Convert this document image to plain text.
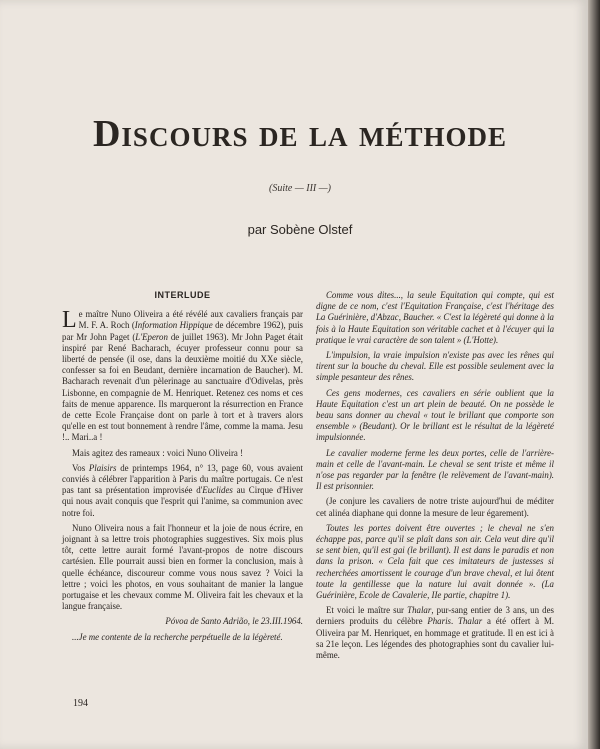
Discours de la méthode
(Suite — III —)
par Sobène Olstef
INTERLUDE

Le maître Nuno Oliveira a été révélé aux cavaliers français par M. F. A. Roch (Information Hippique de décembre 1962), puis par Mr John Paget (L'Eperon de juillet 1963). Mr John Paget était inspiré par René Bacharach, écuyer professeur connu pour sa liberté de pensée (il ose, dans la deuxième moitié du XXe siècle, confesser sa foi en Beudant, dernière incarnation de Baucher). M. Bacharach revenait d'un pèlerinage au sanctuaire d'Odivelas, près Lisbonne, en compagnie de M. Henriquet. Retenez ces noms et ces faits de menue apparence. Ils marqueront la résurrection en France de cette Ecole Française dont on parle à tort et à travers alors qu'elle en est tout bonnement à rendre l'âme, comme la mama. Jesu !.. Mari..a !

Mais agitez des rameaux : voici Nuno Oliveira !

Vos Plaisirs de printemps 1964, n° 13, page 60, vous avaient conviés à célébrer l'apparition à Paris du maître portugais. Ce n'est pas tant sa présentation improvisée d'Euclides au Cirque d'Hiver qui nous avait conquis que l'esprit qui l'anime, sa communion avec notre foi.

Nuno Oliveira nous a fait l'honneur et la joie de nous écrire, en joignant à sa lettre trois photographies suggestives. Six mois plus tôt, cette lettre aurait formé l'avant-propos de notre discours cartésien. Elle pourrait aussi bien en former la conclusion, mais à quelle échéance, discoureur comme vous nous savez ? Voici la lettre ; voici les photos, en vous souhaitant de manier la langue portugaise et les chevaux comme M. Oliveira fait les chevaux et la langue française.

Póvoa de Santo Adrião, le 23.III.1964.

...Je me contente de la recherche perpétuelle de la légèreté.

Comme vous dites..., la seule Equitation qui compte, qui est digne de ce nom, c'est l'Equitation Française, c'est l'héritage des La Guérinière, d'Abzac, Baucher. « C'est la légèreté qui donne à la fois à la Haute Equitation son véritable cachet et à l'écuyer qui la pratique le vrai caractère de son talent » (L'Hotte).

L'impulsion, la vraie impulsion n'existe pas avec les rênes qui tirent sur la bouche du cheval. Elle est possible seulement avec la simple pesanteur des rênes.

Ces gens modernes, ces cavaliers en série oublient que la Haute Equitation c'est un art plein de beauté. On ne possède le beau sans donner au cheval « tout le brillant que comporte son ensemble » (Beudant). Or le brillant est le résultat de la légèreté impulsionnée.

Le cavalier moderne ferme les deux portes, celle de l'arrière-main et celle de l'avant-main. Le cheval se sent triste et même il n'ose pas regarder par la fenêtre (le relèvement de l'avant-main). Il est prisonnier.

(Je conjure les cavaliers de notre triste aujourd'hui de méditer cet alinéa diaphane qui donne la mesure de leur égarement).

Toutes les portes doivent être ouvertes ; le cheval ne s'en échappe pas, parce qu'il se plaît dans son air. Cela veut dire qu'il se sent bien, qu'il est gai (le brillant). Il est dans le paradis et non dans la prison. « Cela fait que ces imitateurs de justesses si recherchées amortissent le courage d'un brave cheval, et lui ôtent toute la gentillesse que la nature lui avait donnée ». (La Guérinière, Ecole de Cavalerie, IIe partie, chapitre 1).

Et voici le maître sur Thalar, pur-sang entier de 3 ans, un des derniers produits du célèbre Pharis. Thalar a été offert à M. Oliveira par M. Henriquet, en hommage et gratitude. Il en est ici à sa 21e leçon. Les légendes des photographies sont du cavalier lui-même.

194
